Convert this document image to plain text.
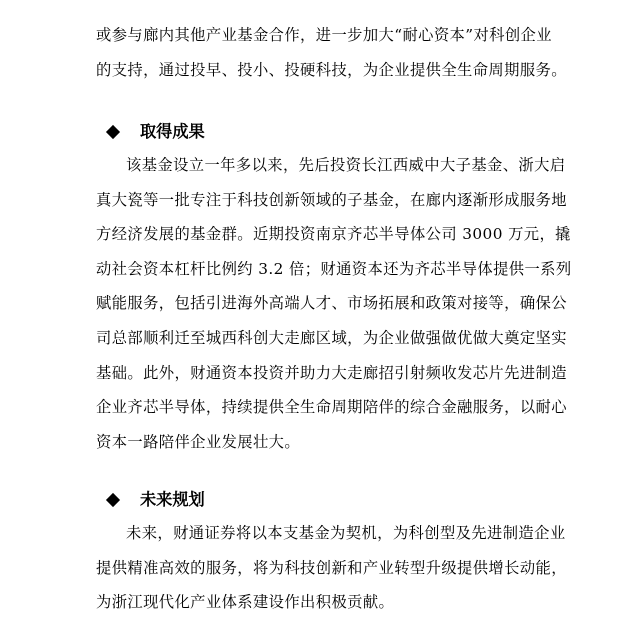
或参与廊内其他产业基金合作，进一步加大“耐心资本”对科创企业
的支持，通过投早、投小、投硬科技，为企业提供全生命周期服务。
取得成果
该基金设立一年多以来，先后投资长江西威中大子基金、浙大启
真大瓷等一批专注于科技创新领域的子基金，在廊内逐渐形成服务地
方经济发展的基金群。近期投资南京齐芯半导体公司 3000 万元，撬
动社会资本杠杆比例约 3.2 倍；财通资本还为齐芯半导体提供一系列
赋能服务，包括引进海外高端人才、市场拓展和政策对接等，确保公
司总部顺利迁至城西科创大走廊区域，为企业做强做优做大奠定坚实
基础。此外，财通资本投资并助力大走廊招引射频收发芯片先进制造
企业齐芯半导体，持续提供全生命周期陪伴的综合金融服务，以耐心
资本一路陪伴企业发展壮大。
未来规划
未来，财通证券将以本支基金为契机，为科创型及先进制造企业
提供精准高效的服务，将为科技创新和产业转型升级提供增长动能，
为浙江现代化产业体系建设作出积极贡献。
